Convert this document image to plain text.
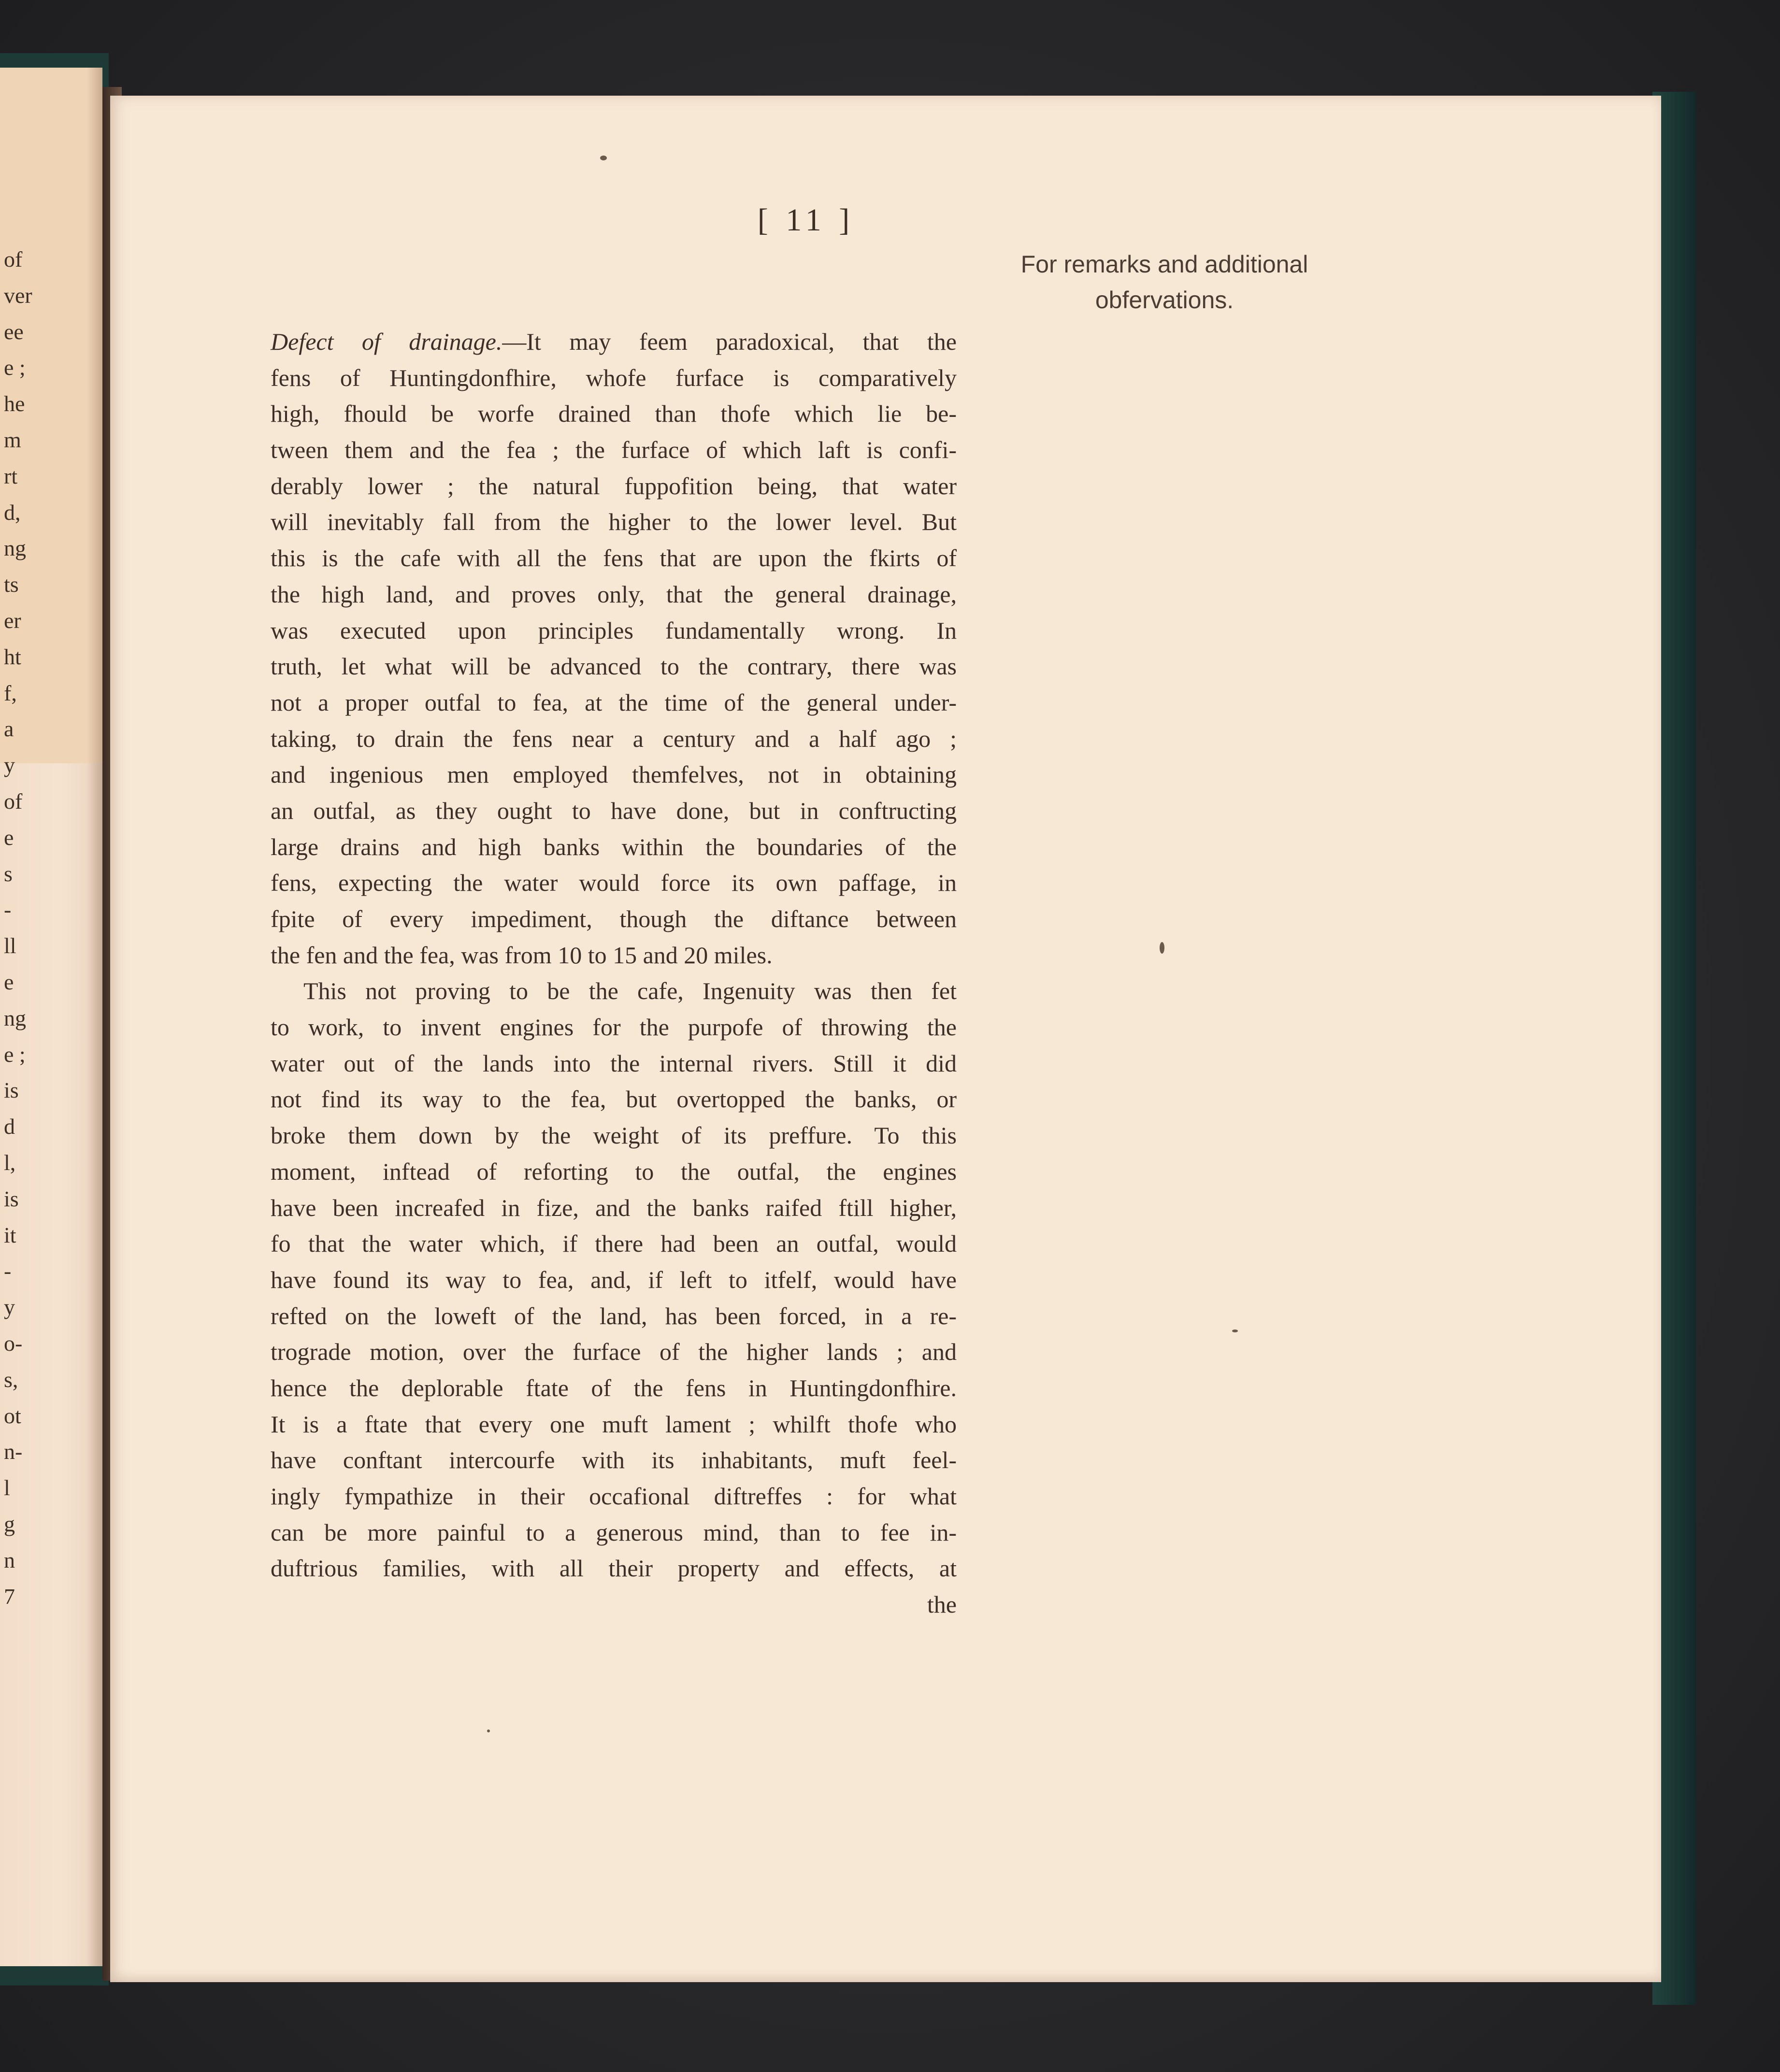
of
ver
ee
e ;
he
m
rt
d,
ng
ts
er
ht
f,
a
y
of
e
s
-
ll
e
ng
e ;
is
d
l,
is
it
-
y
o-
s,
ot
n-
l
g
n
7
[ 11 ]
For remarks and additional
obfervations.
Defect of drainage.—It may feem paradoxical, that the
fens of Huntingdonfhire, whofe furface is comparatively
high, fhould be worfe drained than thofe which lie be-
tween them and the fea ; the furface of which laft is confi-
derably lower ; the natural fuppofition being, that water
will inevitably fall from the higher to the lower level. But
this is the cafe with all the fens that are upon the fkirts of
the high land, and proves only, that the general drainage,
was executed upon principles fundamentally wrong. In
truth, let what will be advanced to the contrary, there was
not a proper outfal to fea, at the time of the general under-
taking, to drain the fens near a century and a half ago ;
and ingenious men employed themfelves, not in obtaining
an outfal, as they ought to have done, but in conftructing
large drains and high banks within the boundaries of the
fens, expecting the water would force its own paffage, in
fpite of every impediment, though the diftance between
the fen and the fea, was from 10 to 15 and 20 miles.
This not proving to be the cafe, Ingenuity was then fet
to work, to invent engines for the purpofe of throwing the
water out of the lands into the internal rivers. Still it did
not find its way to the fea, but overtopped the banks, or
broke them down by the weight of its preffure. To this
moment, inftead of reforting to the outfal, the engines
have been increafed in fize, and the banks raifed ftill higher,
fo that the water which, if there had been an outfal, would
have found its way to fea, and, if left to itfelf, would have
refted on the loweft of the land, has been forced, in a re-
trograde motion, over the furface of the higher lands ; and
hence the deplorable ftate of the fens in Huntingdonfhire.
It is a ftate that every one muft lament ; whilft thofe who
have conftant intercourfe with its inhabitants, muft feel-
ingly fympathize in their occafional diftreffes : for what
can be more painful to a generous mind, than to fee in-
duftrious families, with all their property and effects, at
the
